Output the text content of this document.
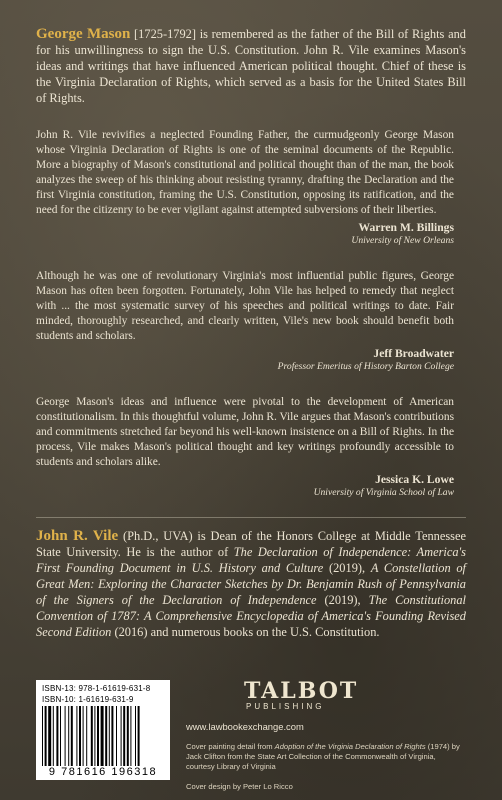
George Mason [1725-1792] is remembered as the father of the Bill of Rights and for his unwillingness to sign the U.S. Constitution. John R. Vile examines Mason's ideas and writings that have influenced American political thought. Chief of these is the Virginia Declaration of Rights, which served as a basis for the United States Bill of Rights.

John R. Vile revivifies a neglected Founding Father, the curmudgeonly George Mason whose Virginia Declaration of Rights is one of the seminal documents of the Republic. More a biography of Mason's constitutional and political thought than of the man, the book analyzes the sweep of his thinking about resisting tyranny, drafting the Declaration and the first Virginia constitution, framing the U.S. Constitution, opposing its ratification, and the need for the citizenry to be ever vigilant against attempted subversions of their liberties.

Warren M. Billings
University of New Orleans

Although he was one of revolutionary Virginia's most influential public figures, George Mason has often been forgotten. Fortunately, John Vile has helped to remedy that neglect with ... the most systematic survey of his speeches and political writings to date. Fair minded, thoroughly researched, and clearly written, Vile's new book should benefit both students and scholars.

Jeff Broadwater
Professor Emeritus of History Barton College

George Mason's ideas and influence were pivotal to the development of American constitutionalism. In this thoughtful volume, John R. Vile argues that Mason's contributions and commitments stretched far beyond his well-known insistence on a Bill of Rights. In the process, Vile makes Mason's political thought and key writings profoundly accessible to students and scholars alike.

Jessica K. Lowe
University of Virginia School of Law

John R. Vile (Ph.D., UVA) is Dean of the Honors College at Middle Tennessee State University. He is the author of The Declaration of Independence: America's First Founding Document in U.S. History and Culture (2019), A Constellation of Great Men: Exploring the Character Sketches by Dr. Benjamin Rush of Pennsylvania of the Signers of the Declaration of Independence (2019), The Constitutional Convention of 1787: A Comprehensive Encyclopedia of America's Founding Revised Second Edition (2016) and numerous books on the U.S. Constitution.

ISBN-13: 978-1-61619-631-8
ISBN-10: 1-61619-631-9
9 781616 196318
TALBOT
PUBLISHING
www.lawbookexchange.com
Cover painting detail from Adoption of the Virginia Declaration of Rights (1974) by Jack Clifton from the State Art Collection of the Commonwealth of Virginia, courtesy Library of Virginia
Cover design by Peter Lo Ricco
